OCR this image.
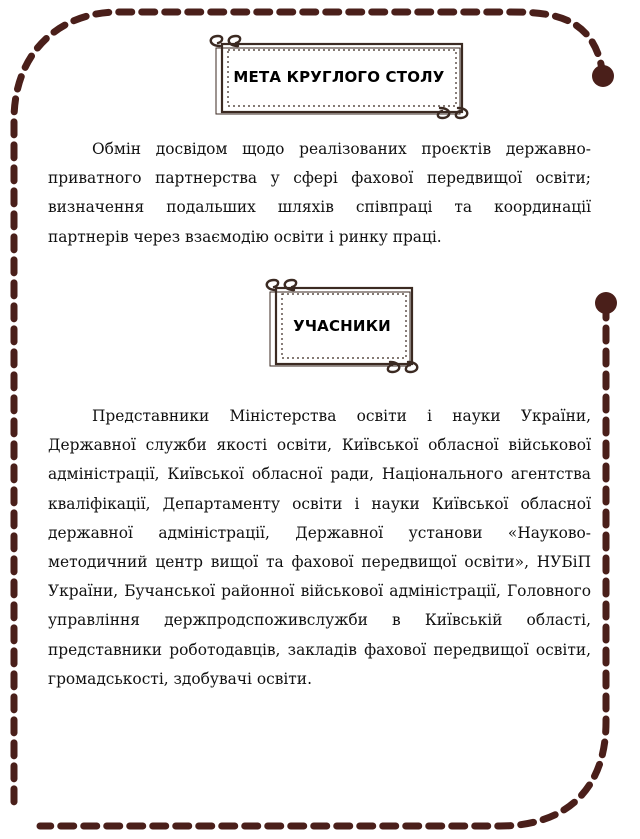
МЕТА КРУГЛОГО СТОЛУ

Обмін досвідом щодо реалізованих проєктів державно-приватного партнерства у сфері фахової передвищої освіти; визначення подальших шляхів співпраці та координації партнерів через взаємодію освіти і ринку праці.

УЧАСНИКИ

Представники Міністерства освіти і науки України, Державної служби якості освіти, Київської обласної військової адміністрації, Київської обласної ради, Національного агентства кваліфікації, Департаменту освіти і науки Київської обласної державної адміністрації, Державної установи «Науково-методичний центр вищої та фахової передвищої освіти», НУБіП України, Бучанської районної військової адміністрації, Головного управління держпродспоживслужби в Київській області, представники роботодавців, закладів фахової передвищої освіти, громадськості, здобувачі освіти.
